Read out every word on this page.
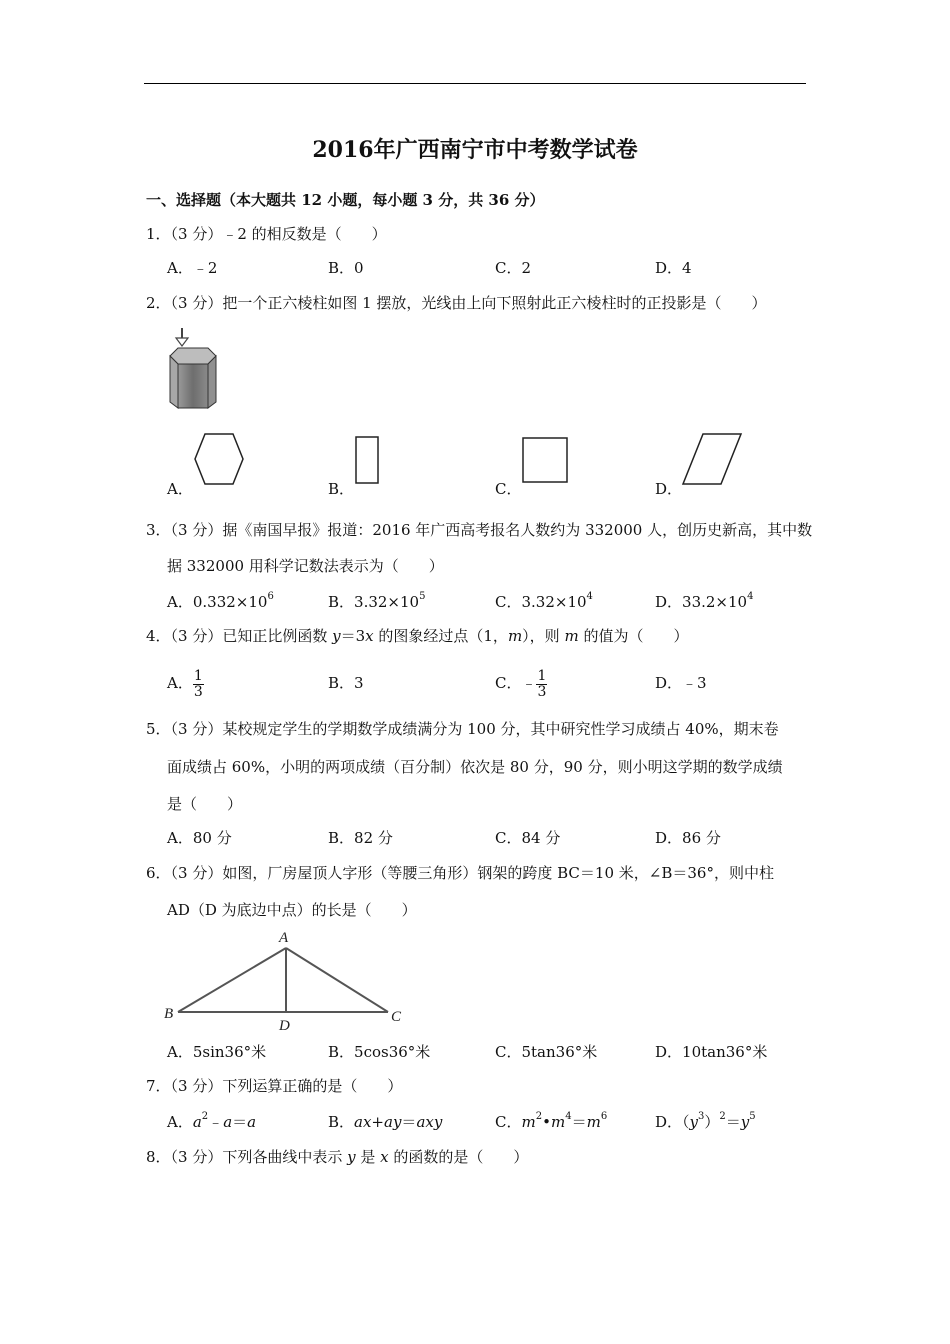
2016年广西南宁市中考数学试卷
一、选择题（本大题共 12 小题，每小题 3 分，共 36 分）
1．（3 分）﹣2 的相反数是（　　）
A．﹣2	B．0	C．2	D．4
2．（3 分）把一个正六棱柱如图 1 摆放，光线由上向下照射此正六棱柱时的正投影是（　　）
A．	B．	C．	D．
3．（3 分）据《南国早报》报道：2016 年广西高考报名人数约为 332000 人，创历史新高，其中数
据 332000 用科学记数法表示为（　　）
A．$0.332\times 10^6$	B．$3.32\times 10^5$	C．$3.32\times 10^4$	D．$33.2\times 10^4$
4．（3 分）已知正比例函数 y＝3x 的图象经过点（1，m），则 m 的值为（　　）
A． $\frac{1}{3}$	B．3	C．﹣ $\frac{1}{3}$	D．﹣3
5．（3 分）某校规定学生的学期数学成绩满分为 100 分，其中研究性学习成绩占 40%，期末卷
面成绩占 60%，小明的两项成绩（百分制）依次是 80 分，90 分，则小明这学期的数学成绩
是（　　）
A．80 分	B．82 分	C．84 分	D．86 分
6．（3 分）如图，厂房屋顶人字形（等腰三角形）钢架的跨度 BC＝10 米，∠B＝36°，则中柱
AD（D 为底边中点）的长是（　　）
A
B	C
D
A．5sin36°米	B．5cos36°米	C．5tan36°米	D．10tan36°米
7．（3 分）下列运算正确的是（　　）
A．$a^2﹣a=a$	B．ax+ay＝axy	C．$m^2•m^4=m^6$	D．$(y^3)^2=y^5$
8．（3 分）下列各曲线中表示 y 是 x 的函数的是（　　）
